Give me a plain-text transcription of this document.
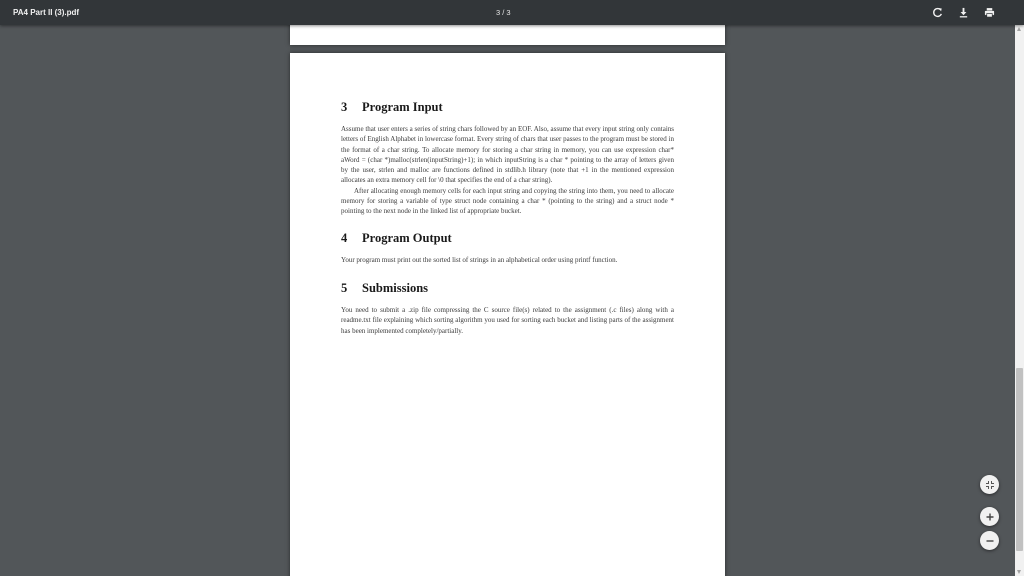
PA4 Part II (3).pdf	3 / 3
3 Program Input

Assume that user enters a series of string chars followed by an EOF. Also, assume that every input string only contains letters of English Alphabet in lowercase format. Every string of chars that user passes to the program must be stored in the format of a char string. To allocate memory for storing a char string in memory, you can use expression char* aWord = (char *)malloc(strlen(inputString)+1); in which inputString is a char * pointing to the array of letters given by the user, strlen and malloc are functions defined in stdlib.h library (note that +1 in the mentioned expression allocates an extra memory cell for \0 that specifies the end of a char string).

After allocating enough memory cells for each input string and copying the string into them, you need to allocate memory for storing a variable of type struct node containing a char * (pointing to the string) and a struct node * pointing to the next node in the linked list of appropriate bucket.

4 Program Output

Your program must print out the sorted list of strings in an alphabetical order using printf function.

5 Submissions

You need to submit a .zip file compressing the C source file(s) related to the assignment (.c files) along with a readme.txt file explaining which sorting algorithm you used for sorting each bucket and listing parts of the assignment has been implemented completely/partially.
